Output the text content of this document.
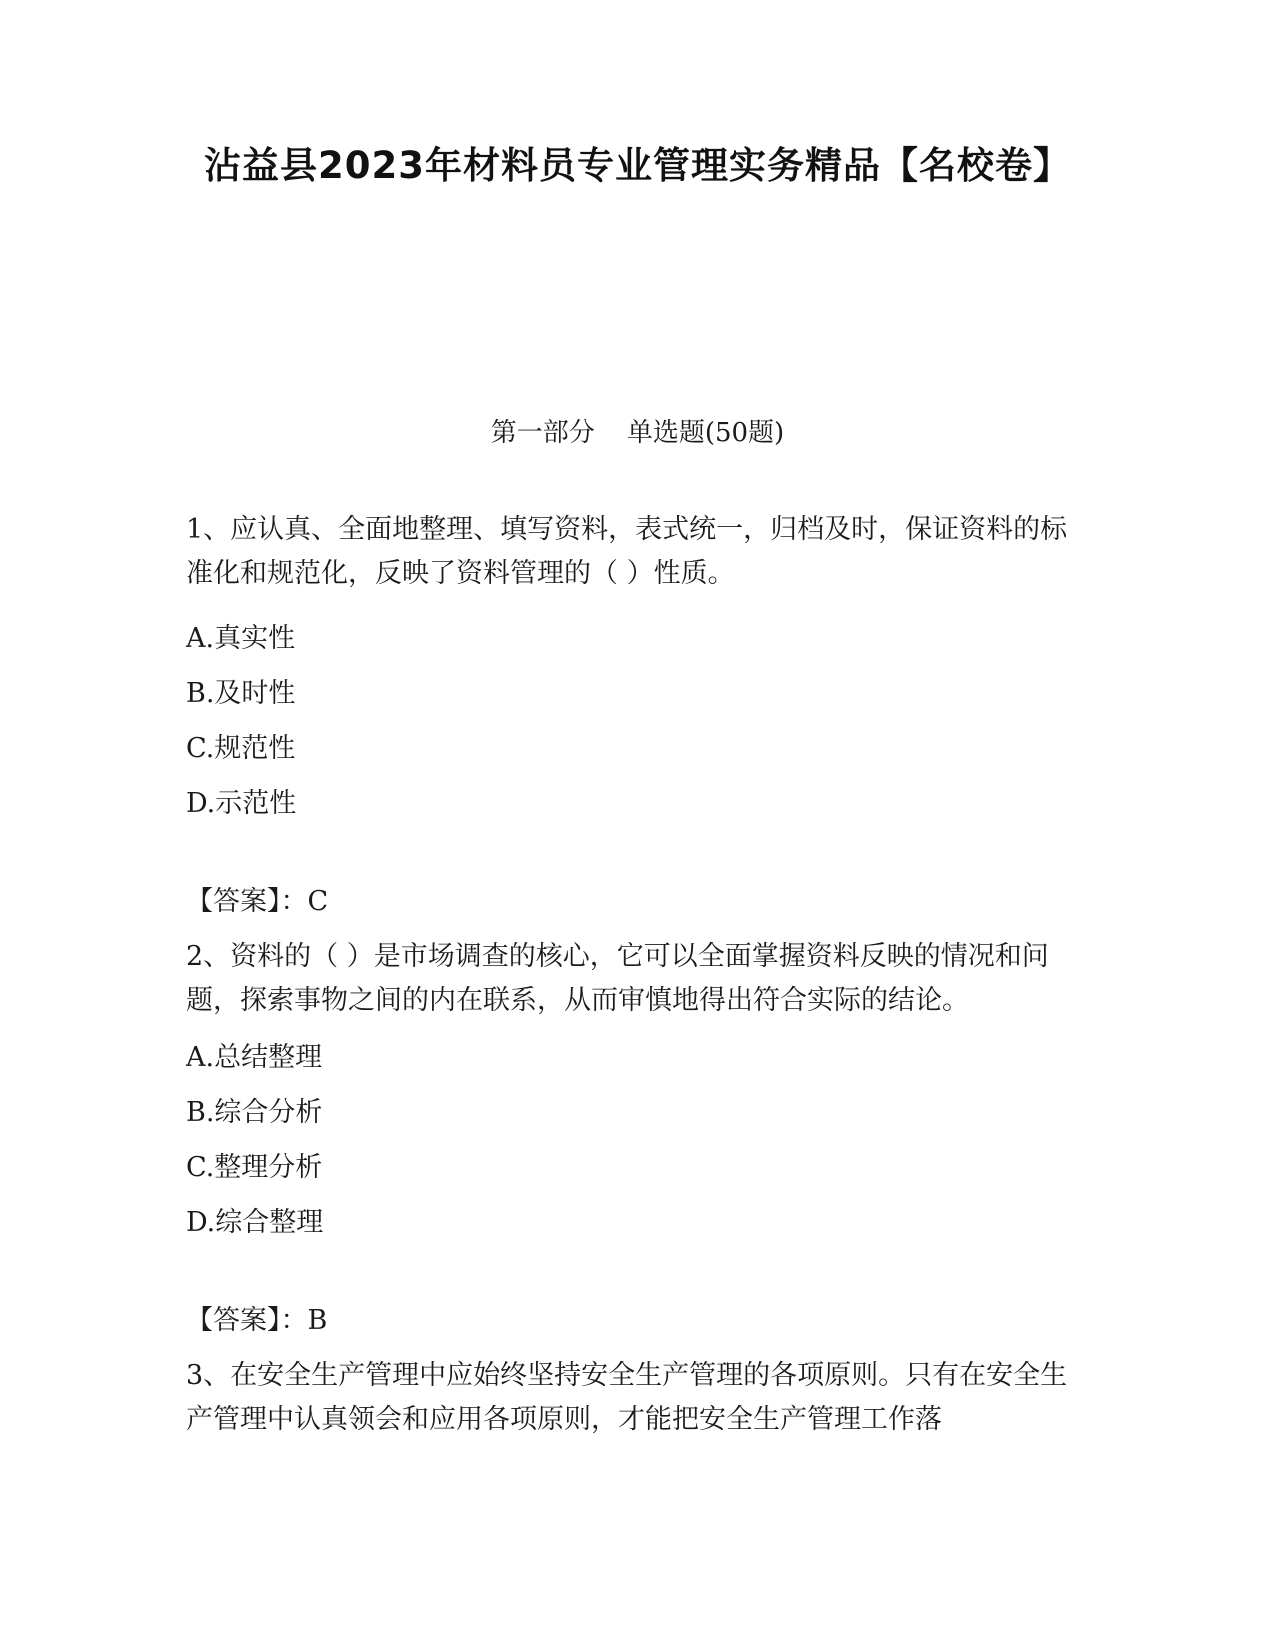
沾益县2023年材料员专业管理实务精品【名校卷】
第一部分 单选题(50题)

1、应认真、全面地整理、填写资料，表式统一，归档及时，保证资料的标准化和规范化，反映了资料管理的（ ）性质。

A.真实性
B.及时性
C.规范性
D.示范性
【答案】：C

2、资料的（ ）是市场调查的核心，它可以全面掌握资料反映的情况和问题，探索事物之间的内在联系，从而审慎地得出符合实际的结论。

A.总结整理
B.综合分析
C.整理分析
D.综合整理
【答案】：B

3、在安全生产管理中应始终坚持安全生产管理的各项原则。只有在安全生产管理中认真领会和应用各项原则，才能把安全生产管理工作落
